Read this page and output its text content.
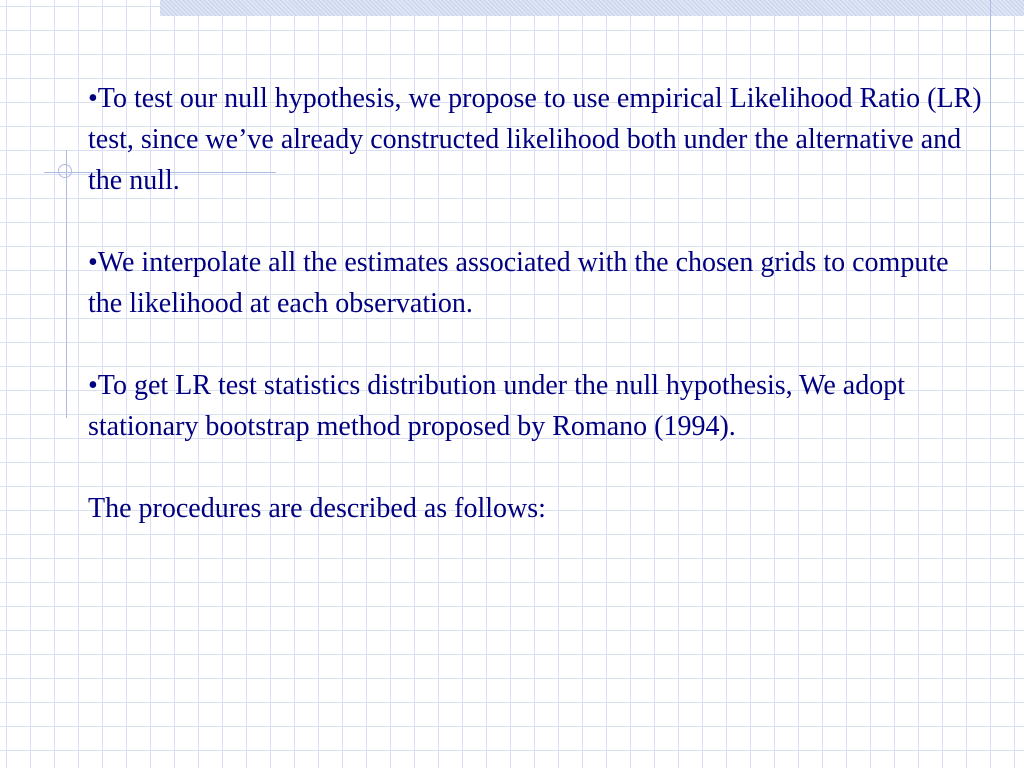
•To test our null hypothesis, we propose to use empirical Likelihood Ratio (LR) test, since we’ve already constructed likelihood both under the alternative and the null.

•We interpolate all the estimates associated with the chosen grids to compute the likelihood at each observation.

•To get LR test statistics distribution under the null hypothesis, We adopt stationary bootstrap method proposed by Romano (1994).

The procedures are described as follows:
